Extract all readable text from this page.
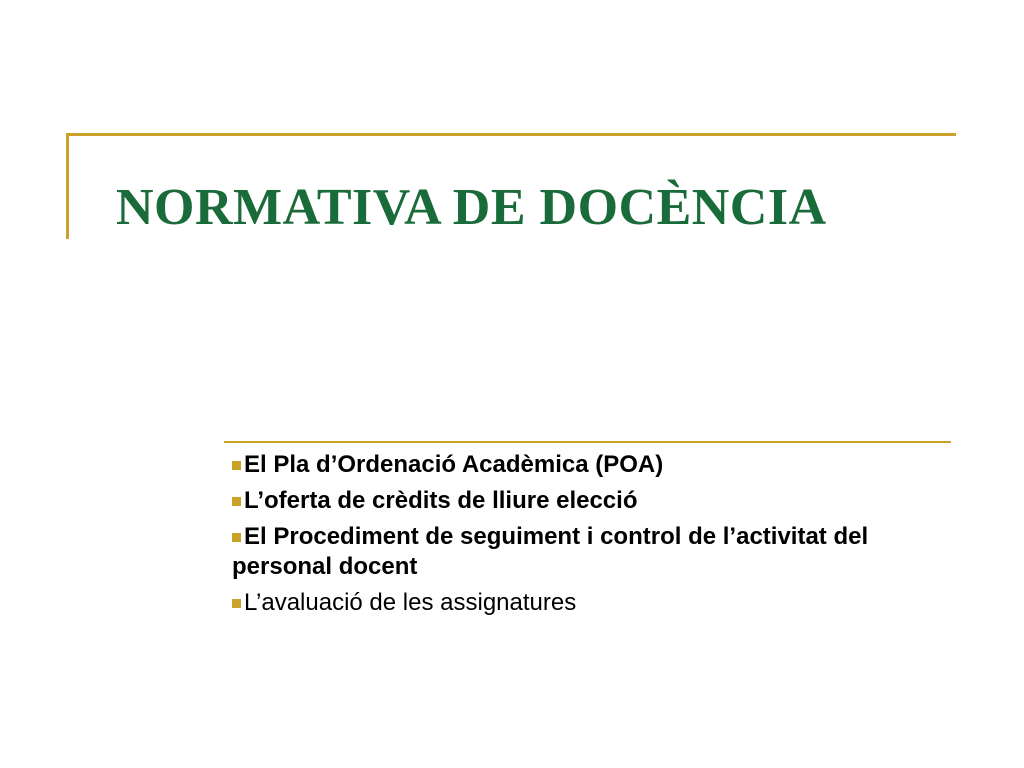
NORMATIVA DE DOCÈNCIA
El Pla d’Ordenació Acadèmica (POA)
L’oferta de crèdits de lliure elecció
El Procediment de seguiment i control de l’activitat del personal docent
L’avaluació de les assignatures
